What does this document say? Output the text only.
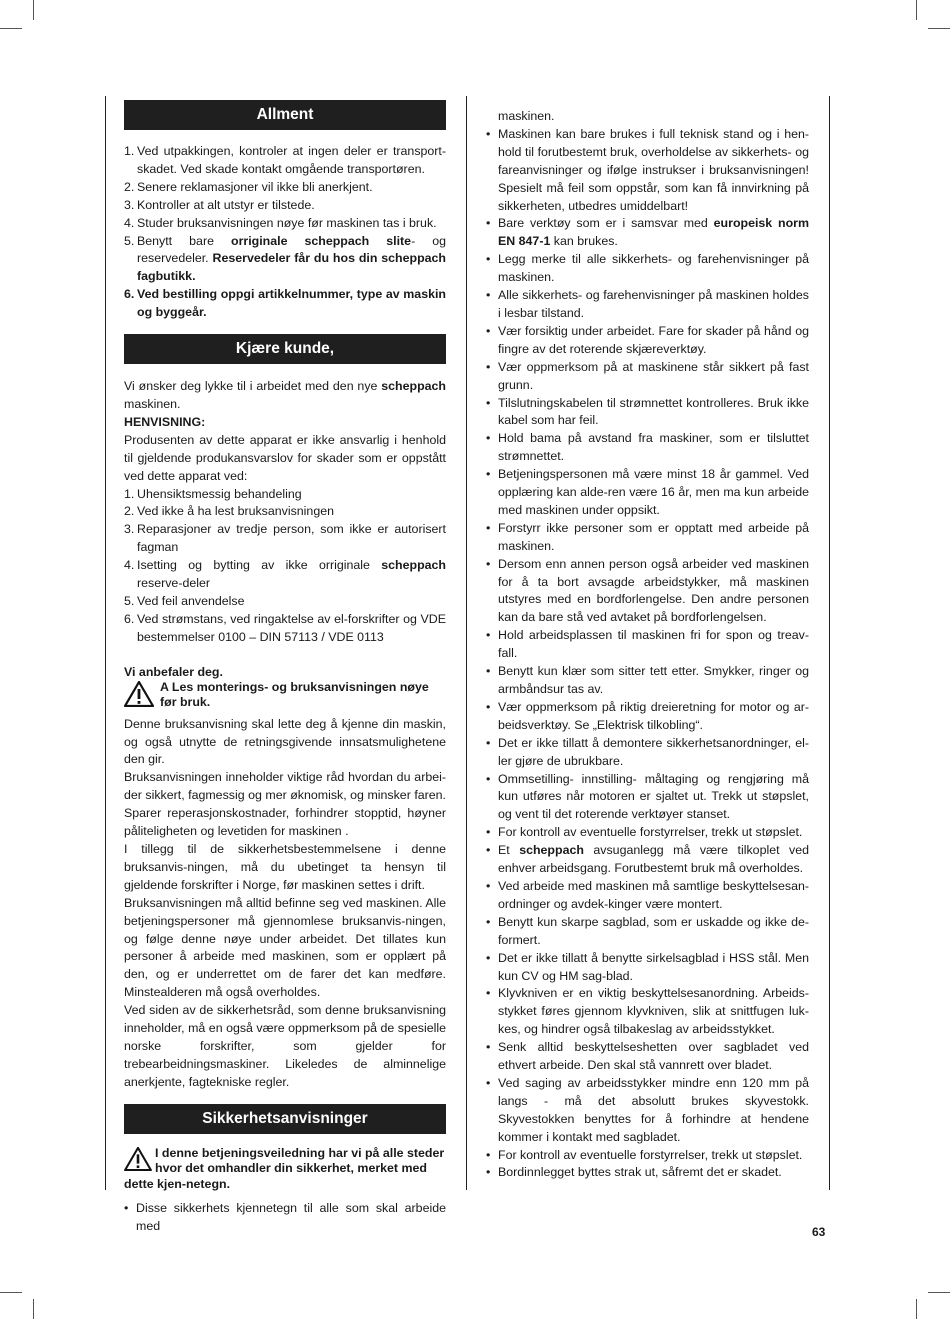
Allment
1. Ved utpakkingen, kontroler at ingen deler er transport-skadet. Ved skade kontakt omgående transportøren.
2. Senere reklamasjoner vil ikke bli anerkjent.
3. Kontroller at alt utstyr er tilstede.
4. Studer bruksanvisningen nøye før maskinen tas i bruk.
5. Benytt bare orriginale scheppach slite- og reservedeler. Reservedeler får du hos din scheppach fagbutikk.
6. Ved bestilling oppgi artikkelnummer, type av maskin og byggeår.
Kjære kunde,

Vi ønsker deg lykke til i arbeidet med den nye scheppach maskinen.

HENVISNING:

Produsenten av dette apparat er ikke ansvarlig i henhold til gjeldende produkansvarslov for skader som er oppstått ved dette apparat ved:

1. Uhensiktsmessig behandeling
2. Ved ikke å ha lest bruksanvisningen
3. Reparasjoner av tredje person, som ikke er autorisert fagman
4. Isetting og bytting av ikke orriginale scheppach reserve-deler
5. Ved feil anvendelse
6. Ved strømstans, ved ringaktelse av el-forskrifter og VDE bestemmelser 0100 – DIN 57113 / VDE 0113

Vi anbefaler deg.

A Les monterings- og bruksanvisningen nøye før bruk.

Denne bruksanvisning skal lette deg å kjenne din maskin, og også utnytte de retningsgivende innsatsmulighetene den gir.

Bruksanvisningen inneholder viktige råd hvordan du arbei-der sikkert, fagmessig og mer øknomisk, og minsker faren. Sparer reperasjonskostnader, forhindrer stopptid, høyner påliteligheten og levetiden for maskinen .

I tillegg til de sikkerhetsbestemmelsene i denne bruksanvis-ningen, må du ubetinget ta hensyn til gjeldende forskrifter i Norge, før maskinen settes i drift.

Bruksanvisningen må alltid befinne seg ved maskinen. Alle betjeningspersoner må gjennomlese bruksanvis-ningen, og følge denne nøye under arbeidet. Det tillates kun personer å arbeide med maskinen, som er opplært på den, og er underrettet om de farer det kan medføre. Minstealderen må også overholdes.

Ved siden av de sikkerhetsråd, som denne bruksanvisning inneholder, må en også være oppmerksom på de spesielle norske forskrifter, som gjelder for trebearbeidningsmaskiner. Likeledes de alminnelige anerkjente, fagtekniske regler.

Sikkerhetsanvisninger
I denne betjeningsveiledning har vi på alle steder hvor det omhandler din sikkerhet, merket med dette kjen-netegn.
• Disse sikkerhets kjennetegn til alle som skal arbeide med

maskinen.

• Maskinen kan bare brukes i full teknisk stand og i hen-hold til forutbestemt bruk, overholdelse av sikkerhets- og fareanvisninger og ifølge instrukser i bruksanvisningen! Spesielt må feil som oppstår, som kan få innvirkning på sikkerheten, utbedres umiddelbart!
• Bare verktøy som er i samsvar med europeisk norm EN 847-1 kan brukes.
• Legg merke til alle sikkerhets- og farehenvisninger på maskinen.
• Alle sikkerhets- og farehenvisninger på maskinen holdes i lesbar tilstand.
• Vær forsiktig under arbeidet. Fare for skader på hånd og fingre av det roterende skjæreverktøy.
• Vær oppmerksom på at maskinene står sikkert på fast grunn.
• Tilslutningskabelen til strømnettet kontrolleres. Bruk ikke kabel som har feil.
• Hold bama på avstand fra maskiner, som er tilsluttet strømnettet.
• Betjeningspersonen må være minst 18 år gammel. Ved opplæring kan alde-ren være 16 år, men ma kun arbeide med maskinen under oppsikt.
• Forstyrr ikke personer som er opptatt med arbeide på maskinen.
• Dersom enn annen person også arbeider ved maskinen for å ta bort avsagde arbeidstykker, må maskinen utstyres med en bordforlengelse. Den andre personen kan da bare stå ved avtaket på bordforlengelsen.
• Hold arbeidsplassen til maskinen fri for spon og treav-fall.
• Benytt kun klær som sitter tett etter. Smykker, ringer og armbåndsur tas av.
• Vær oppmerksom på riktig dreieretning for motor og ar-beidsverktøy. Se „Elektrisk tilkobling“.
• Det er ikke tillatt å demontere sikkerhetsanordninger, el-ler gjøre de ubrukbare.
• Ommsetilling- innstilling- måltaging og rengjøring må kun utføres når motoren er sjaltet ut. Trekk ut støpslet, og vent til det roterende verktøyer stanset.
• For kontroll av eventuelle forstyrrelser, trekk ut støpslet.
• Et scheppach avsuganlegg må være tilkoplet ved enhver arbeidsgang. Forutbestemt bruk må overholdes.
• Ved arbeide med maskinen må samtlige beskyttelsesan-ordninger og avdek-kinger være montert.
• Benytt kun skarpe sagblad, som er uskadde og ikke de-formert.
• Det er ikke tillatt å benytte sirkelsagblad i HSS stål. Men kun CV og HM sag-blad.
• Klyvkniven er en viktig beskyttelsesanordning. Arbeids-stykket føres gjennom klyvkniven, slik at snittfugen luk-kes, og hindrer også tilbakeslag av arbeidsstykket.
• Senk alltid beskyttelseshetten over sagbladet ved ethvert arbeide. Den skal stå vannrett over bladet.
• Ved saging av arbeidsstykker mindre enn 120 mm på langs - må det absolutt brukes skyvestokk. Skyvestokken benyttes for å forhindre at hendene kommer i kontakt med sagbladet.
• For kontroll av eventuelle forstyrrelser, trekk ut støpslet.
• Bordinnlegget byttes strak ut, såfremt det er skadet.
63
